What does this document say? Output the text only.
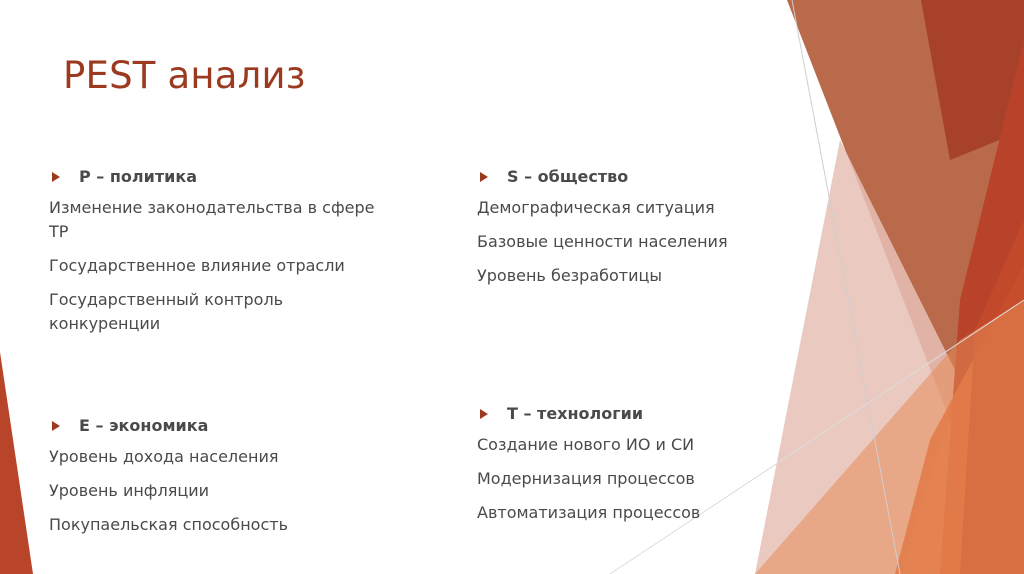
PEST анализ
P – политика
Изменение законодательства в сфере ТР
Государственное влияние отрасли
Государственный контроль конкуренции
S – общество
Демографическая ситуация
Базовые ценности населения
Уровень безработицы
E – экономика
Уровень дохода населения
Уровень инфляции
Покупаельская способность
T – технологии
Создание нового ИО и СИ
Модернизация процессов
Автоматизация процессов
